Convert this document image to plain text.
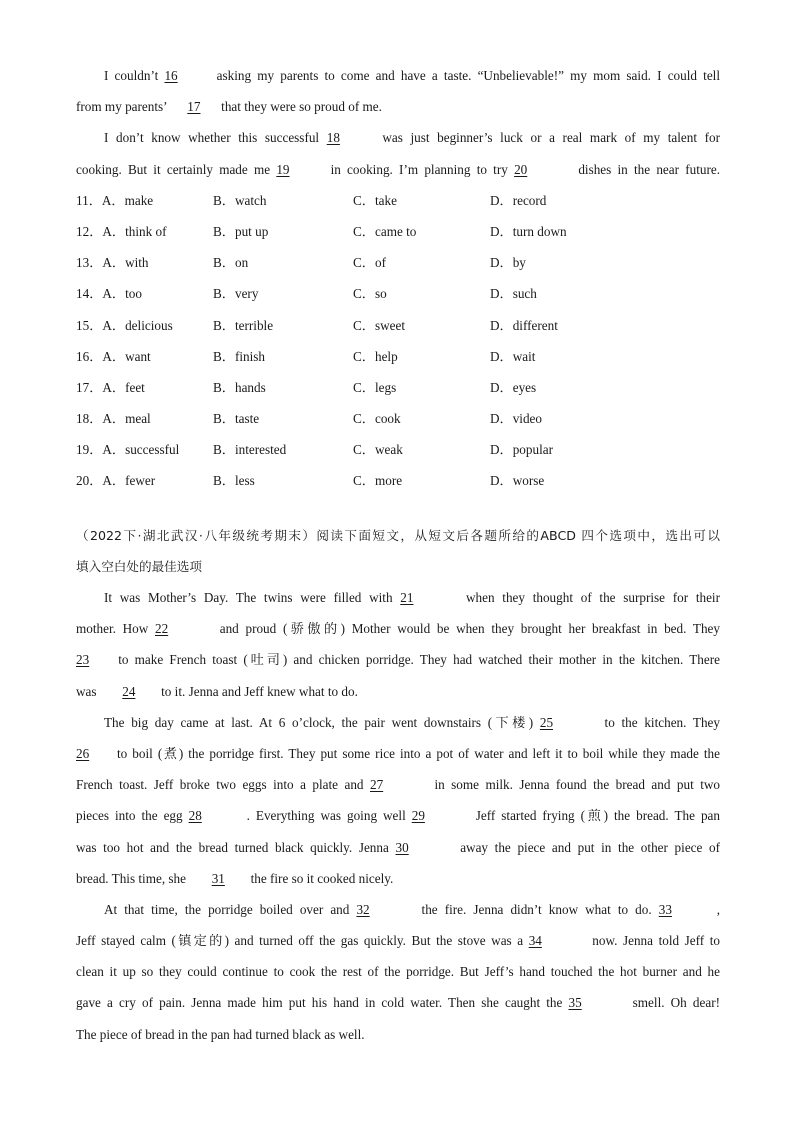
I couldn’t 16	asking my parents to come and have a taste. “Unbelievable!” my mom said. I could tell
from my parents’ 17 that they were so proud of me.
I don’t know whether this successful 18	was just beginner’s luck or a real mark of my talent for
cooking. But it certainly made me 19	in cooking. I’m planning to try 20	dishes in the near future.
11．A．make	B．watch	C．take	D．record
12．A．think of	B．put up	C．came to	D．turn down
13．A．with	B．on	C．of	D．by
14．A．too	B．very	C．so	D．such
15．A．delicious	B．terrible	C．sweet	D．different
16．A．want	B．finish	C．help	D．wait
17．A．feet	B．hands	C．legs	D．eyes
18．A．meal	B．taste	C．cook	D．video
19．A．successful	B．interested	C．weak	D．popular
20．A．fewer	B．less	C．more	D．worse
（2022下·湖北武汉·八年级统考期末）阅读下面短文，从短文后各题所给的ABCD 四个选项中，选出可以
填入空白处的最佳选项
It was Mother’s Day. The twins were filled with 21	when they thought of the surprise for their
mother. How 22	and proud (骄傲的) Mother would be when they brought her breakfast in bed. They
23 to make French toast (吐司) and chicken porridge. They had watched their mother in the kitchen. There
was 24 to it. Jenna and Jeff knew what to do.
The big day came at last. At 6 o’clock, the pair went downstairs (下楼) 25	to the kitchen. They
26 to boil (煮) the porridge first. They put some rice into a pot of water and left it to boil while they made the
French toast. Jeff broke two eggs into a plate and 27	in some milk. Jenna found the bread and put two
pieces into the egg 28	. Everything was going well 29	Jeff started frying (煎) the bread. The pan
was too hot and the bread turned black quickly. Jenna 30	away the piece and put in the other piece of
bread. This time, she 31 the fire so it cooked nicely.
At that time, the porridge boiled over and 32	the fire. Jenna didn’t know what to do. 33	,
Jeff stayed calm (镇定的) and turned off the gas quickly. But the stove was a 34	now. Jenna told Jeff to
clean it up so they could continue to cook the rest of the porridge. But Jeff’s hand touched the hot burner and he
gave a cry of pain. Jenna made him put his hand in cold water. Then she caught the 35	smell. Oh dear!
The piece of bread in the pan had turned black as well.
